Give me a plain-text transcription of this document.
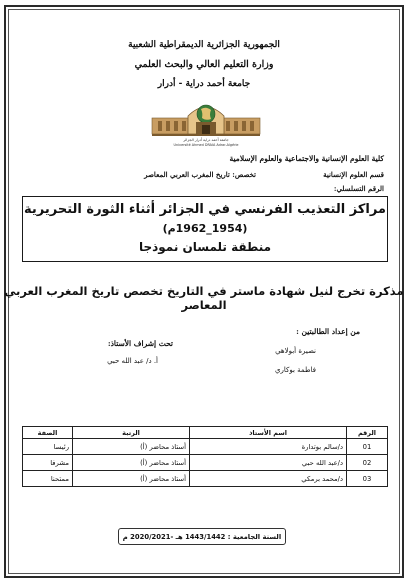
الجمهورية الجزائرية الديمقراطية الشعبية
وزارة التعليم العالي والبحث العلمي
جامعة أحمد دراية - أدرار
جامعة أحمد دراية أدرار الجزائر
Université Ahmed DRAIA Adrar-Algérie
كلية العلوم الإنسانية والاجتماعية والعلوم الإسلامية
قسم العلوم الإنسانية
تخصص: تاريخ المغرب العربي المعاصر
الرقم التسلسلي:
مراكز التعذيب الفرنسي في الجزائر أثناء الثورة التحريرية
(1954_1962م)
منطقة تلمسان نموذجا
مذكرة تخرج لنيل شهادة ماستر في التاريخ تخصص تاريخ المغرب العربي المعاصر
من إعداد الطالبتين :
نصيرة أبولاهي
فاطمة بوكاري
تحت إشراف الأستاذ:
أ. د/ عبد الله حبي
الرقم	اسم الأستاذ	الرتبة	الصفة
01	د/سالم بوتدارة	أستاذ محاضر (أ)	رئيسا
02	د/عبد الله حبي	أستاذ محاضر (أ)	مشرفا
03	د/محمد برمكي	أستاذ محاضر (أ)	ممتحنا
السنة الجامعية : 1443/1442 هـ -2020/2021 م
